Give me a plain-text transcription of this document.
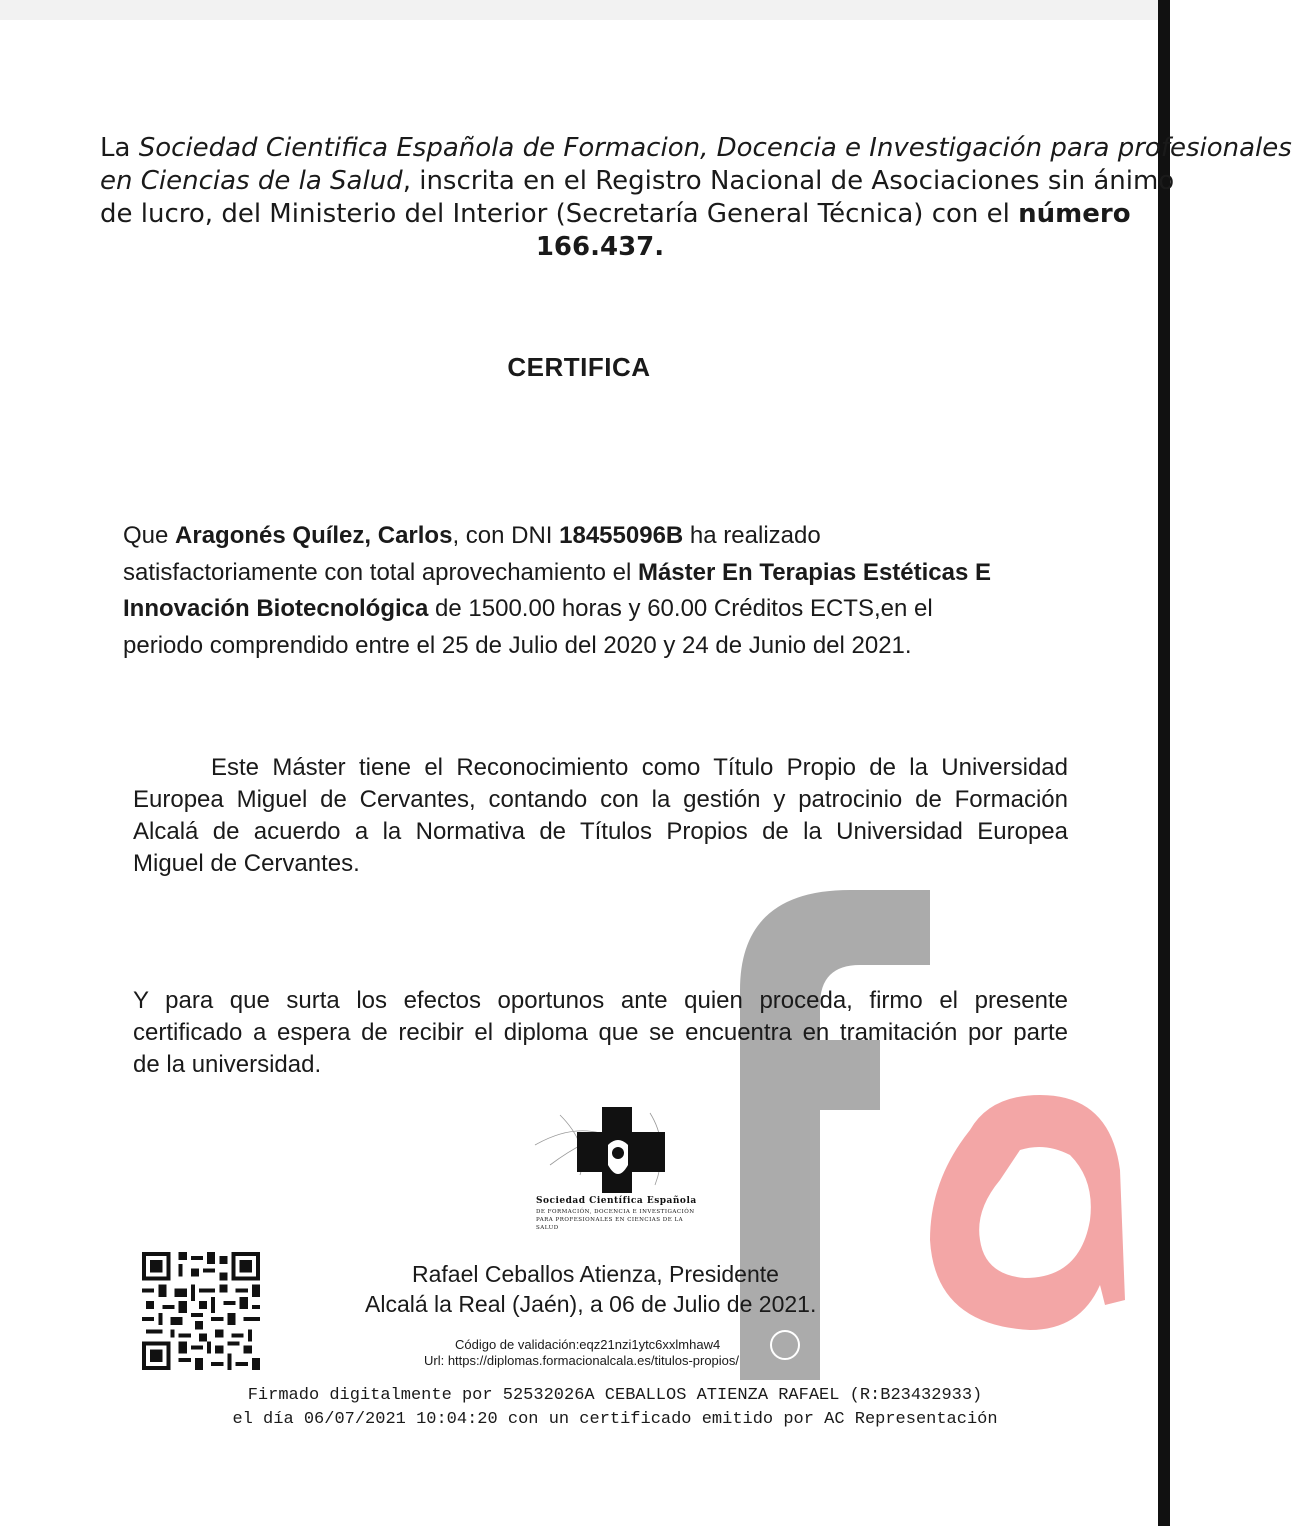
La Sociedad Cientifica Española de Formacion, Docencia e Investigación para profesionales
en Ciencias de la Salud, inscrita en el Registro Nacional de Asociaciones sin ánimo
de lucro, del Ministerio del Interior (Secretaría General Técnica) con el número
166.437.
CERTIFICA
Que Aragonés Quílez, Carlos, con DNI 18455096B ha realizado
satisfactoriamente con total aprovechamiento el Máster En Terapias Estéticas E
Innovación Biotecnológica de 1500.00 horas y 60.00 Créditos ECTS,en el
periodo comprendido entre el 25 de Julio del 2020 y 24 de Junio del 2021.
Este Máster tiene el Reconocimiento como Título Propio de la Universidad
Europea Miguel de Cervantes, contando con la gestión y patrocinio de Formación
Alcalá de acuerdo a la Normativa de Títulos Propios de la Universidad Europea
Miguel de Cervantes.
Y para que surta los efectos oportunos ante quien proceda, firmo el presente
certificado a espera de recibir el diploma que se encuentra en tramitación por parte
de la universidad.
Sociedad Científica Española
DE FORMACIÓN, DOCENCIA E INVESTIGACIÓN
PARA PROFESIONALES EN CIENCIAS DE LA SALUD
Rafael Ceballos Atienza, Presidente
Alcalá la Real (Jaén), a 06 de Julio de 2021.
Código de validación:eqz21nzi1ytc6xxlmhaw4
Url: https://diplomas.formacionalcala.es/titulos-propios/
Firmado digitalmente por 52532026A CEBALLOS ATIENZA RAFAEL (R:B23432933)
el día 06/07/2021 10:04:20 con un certificado emitido por AC Representación
